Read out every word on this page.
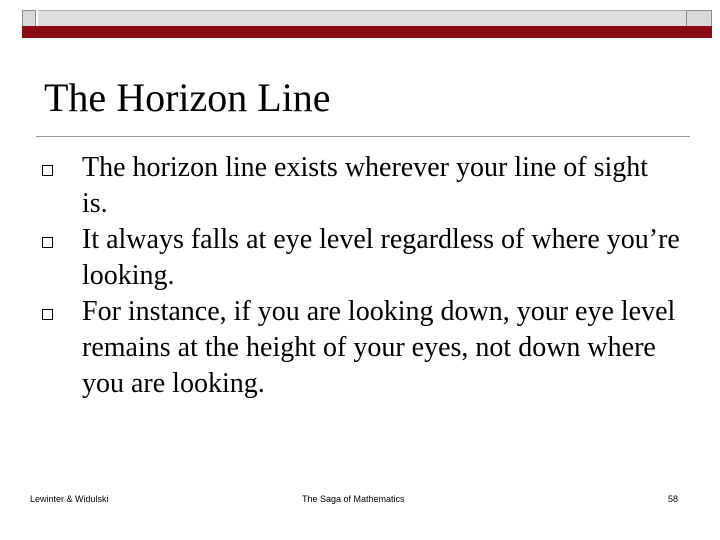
The Horizon Line
The horizon line exists wherever your line of sight is.
It always falls at eye level regardless of where you’re looking.
For instance, if you are looking down, your eye level remains at the height of your eyes, not down where you are looking.
Lewinter & Widulski	The Saga of Mathematics	58
